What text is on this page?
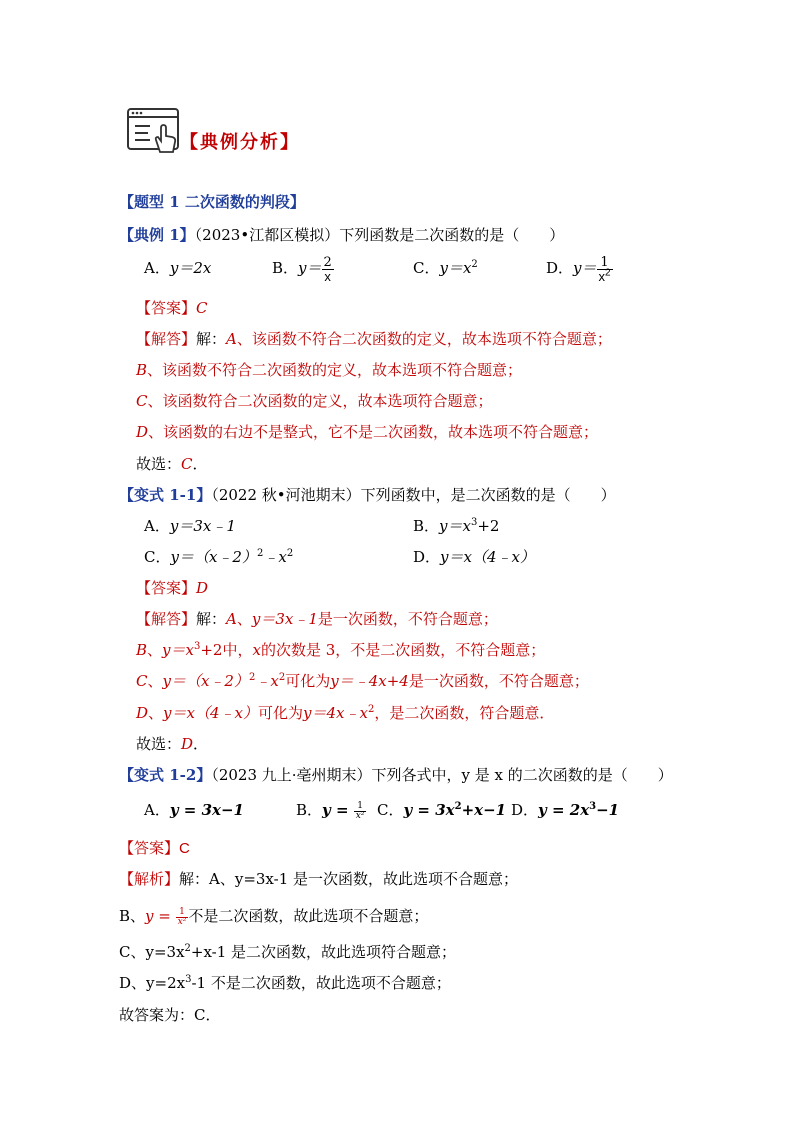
【典例分析】
【题型 1 二次函数的判段】
【典例 1】（2023•江都区模拟）下列函数是二次函数的是（　　）
A．y＝2x	B．$y= \frac{2}{x}$	C．$y=x^2$	D．$y= \frac{1}{x^2}$
【答案】C
【解答】解：A、该函数不符合二次函数的定义，故本选项不符合题意；
B、该函数不符合二次函数的定义，故本选项不符合题意；
C、该函数符合二次函数的定义，故本选项符合题意；
D、该函数的右边不是整式，它不是二次函数，故本选项不符合题意；
故选：C．
【变式 1-1】（2022 秋•河池期末）下列函数中，是二次函数的是（　　）
A．y＝3x﹣1	B．$y=x^3+2$
C．$y=(x﹣2)^2﹣x^2$	D．y＝x（4﹣x）
【答案】D
【解答】解：A、y＝3x﹣1是一次函数，不符合题意；
B、$y=x^3+2$中，x的次数是 3，不是二次函数，不符合题意；
C、$y=(x﹣2)^2﹣x^2$可化为y＝﹣4x+4是一次函数，不符合题意；
D、y＝x（4﹣x）可化为$y=4x﹣x^2$，是二次函数，符合题意．
故选：D．
【变式 1-2】（2023 九上·亳州期末）下列各式中，y 是 x 的二次函数的是（　　）
A．y = 3x−1	B．$y = \frac{1}{\text{x²}}$ C．$y = 3x^2+x-1$ D．$y = 2x^3-1$
【答案】C
【解析】解：A、y=3x-1 是一次函数，故此选项不合题意；
B、$y = \frac{1}{\text{x²}}$ 不是二次函数，故此选项不合题意；
C、$y=3x^2+x-1$ 是二次函数，故此选项符合题意；
D、$y=2x^3-1$ 不是二次函数，故此选项不合题意；
故答案为：C．
